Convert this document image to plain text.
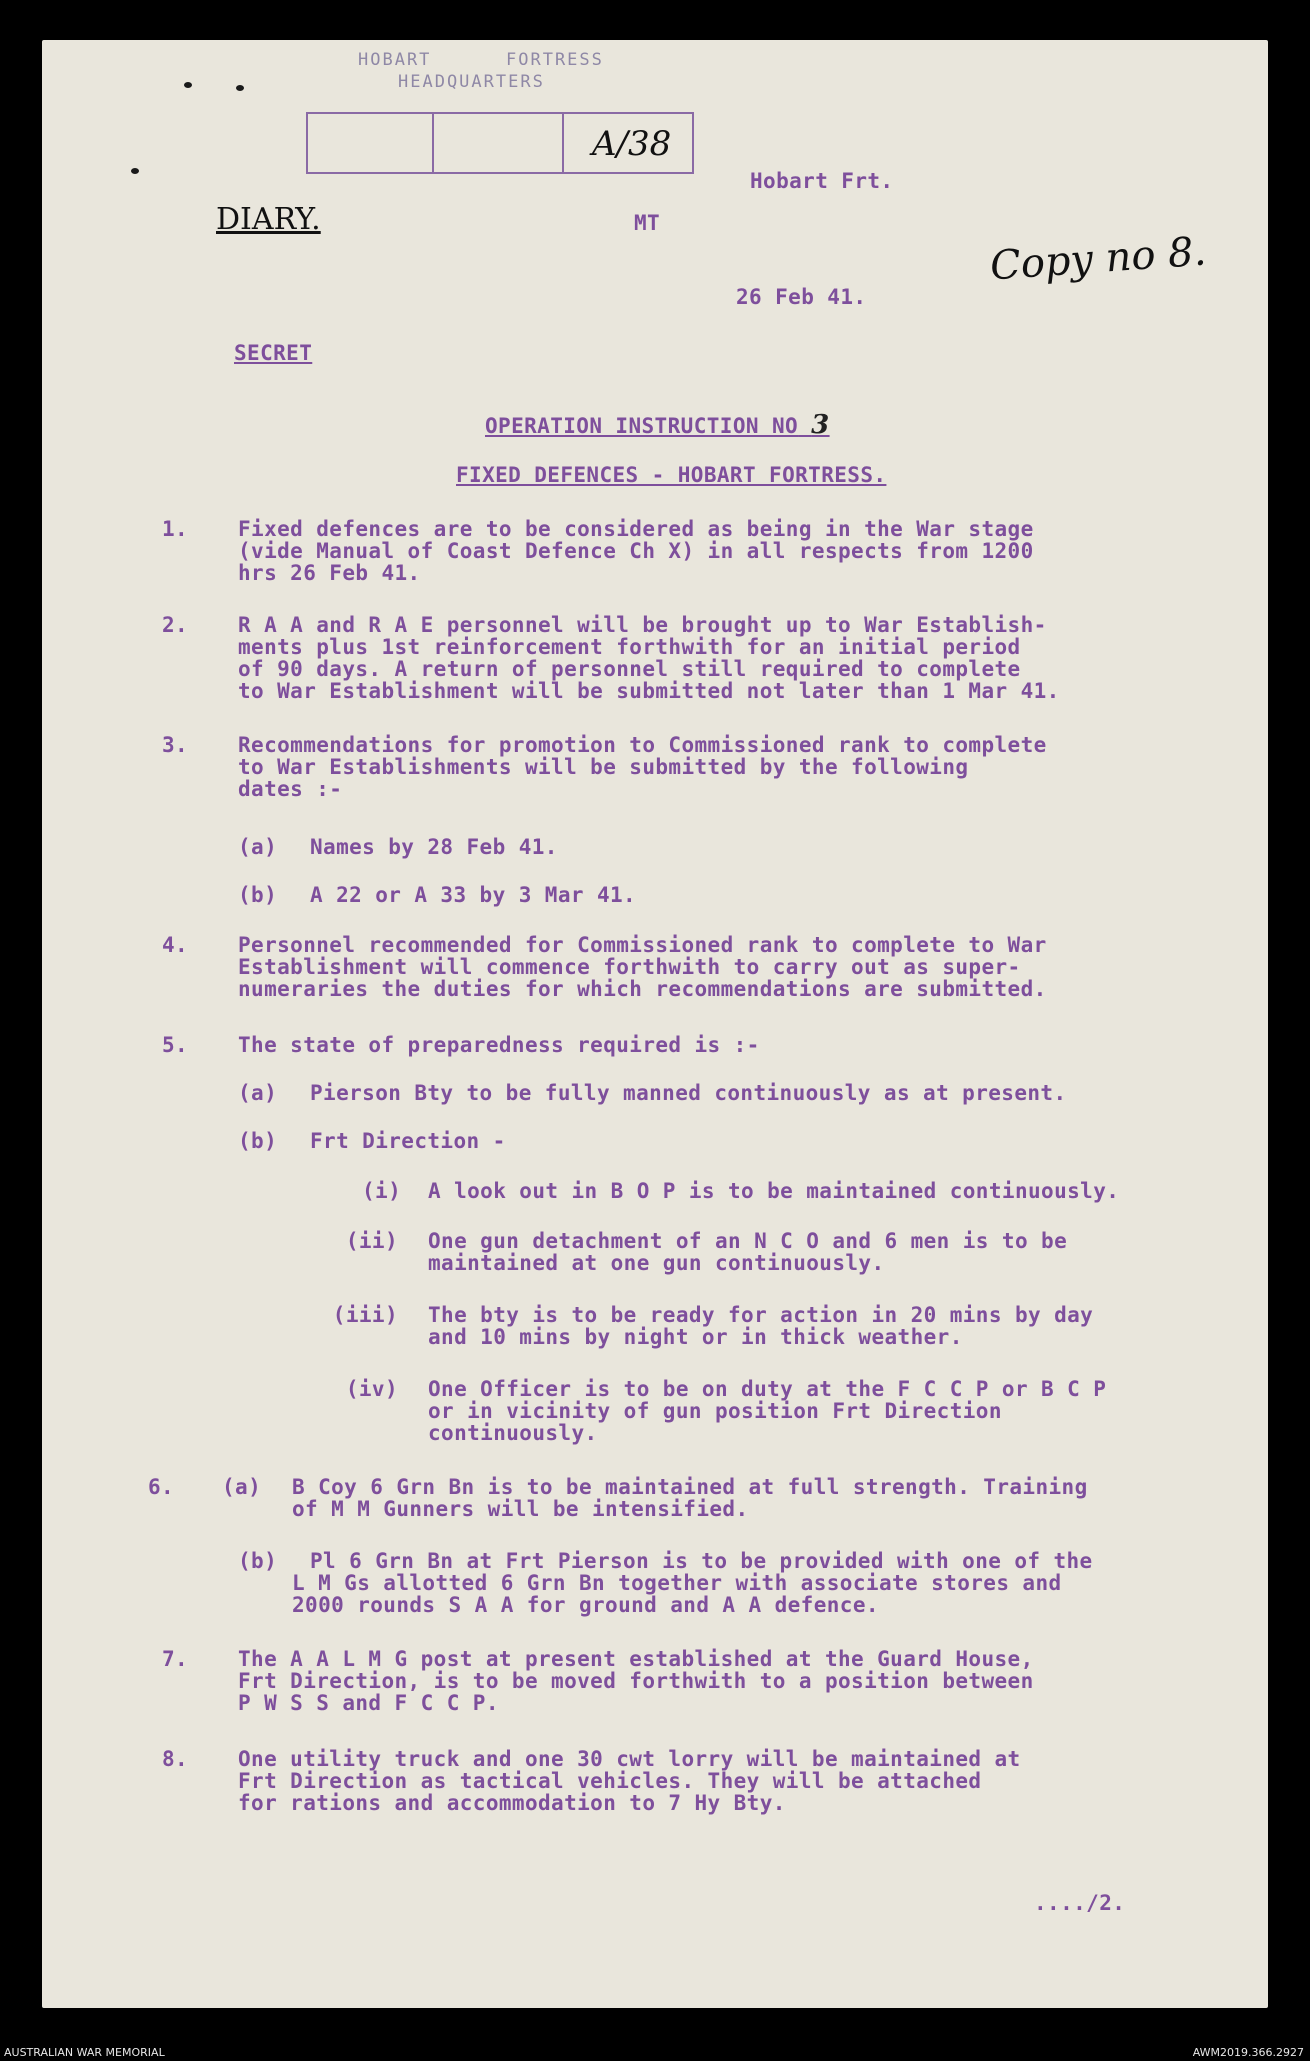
HOBART	FORTRESS
HEADQUARTERS
A/38
DIARY.
Copy no 8.
Hobart Frt.
MT
26 Feb 41.
SECRET
OPERATION INSTRUCTION NO 3
FIXED DEFENCES - HOBART FORTRESS.
1. Fixed defences are to be considered as being in the War stage
(vide Manual of Coast Defence Ch X) in all respects from 1200
hrs 26 Feb 41.
2. R A A and R A E personnel will be brought up to War Establish-
ments plus 1st reinforcement forthwith for an initial period
of 90 days. A return of personnel still required to complete
to War Establishment will be submitted not later than 1 Mar 41.
3. Recommendations for promotion to Commissioned rank to complete
to War Establishments will be submitted by the following
dates :-
(a) Names by 28 Feb 41.
(b) A 22 or A 33 by 3 Mar 41.
4. Personnel recommended for Commissioned rank to complete to War
Establishment will commence forthwith to carry out as super-
numeraries the duties for which recommendations are submitted.
5. The state of preparedness required is :-
(a) Pierson Bty to be fully manned continuously as at present.
(b) Frt Direction -
(i) A look out in B O P is to be maintained continuously.
(ii) One gun detachment of an N C O and 6 men is to be
maintained at one gun continuously.
(iii) The bty is to be ready for action in 20 mins by day
and 10 mins by night or in thick weather.
(iv) One Officer is to be on duty at the F C C P or B C P
or in vicinity of gun position Frt Direction
continuously.
6. (a) B Coy 6 Grn Bn is to be maintained at full strength. Training
of M M Gunners will be intensified.
(b) Pl 6 Grn Bn at Frt Pierson is to be provided with one of the
L M Gs allotted 6 Grn Bn together with associate stores and
2000 rounds S A A for ground and A A defence.
7. The A A L M G post at present established at the Guard House,
Frt Direction, is to be moved forthwith to a position between
P W S S and F C C P.
8. One utility truck and one 30 cwt lorry will be maintained at
Frt Direction as tactical vehicles. They will be attached
for rations and accommodation to 7 Hy Bty.
..../2.
AUSTRALIAN WAR MEMORIAL	AWM2019.366.2927
